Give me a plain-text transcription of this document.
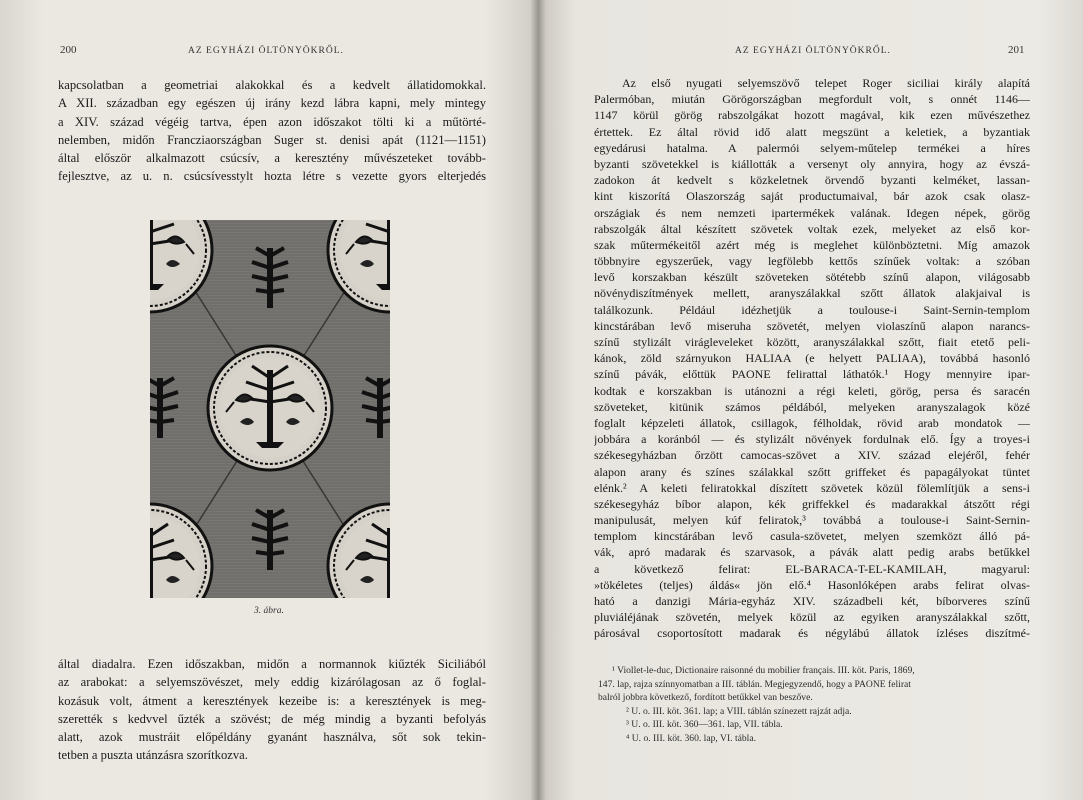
200	AZ EGYHÁZI ÖLTÖNYÖKRŐL.
kapcsolatban a geometriai alakokkal és a kedvelt állatidomokkal.
A XII. században egy egészen új irány kezd lábra kapni, mely mintegy
a XIV. század végéig tartva, épen azon időszakot tölti ki a műtörté-
nelemben, midőn Francziaországban Suger st. denisi apát (1121—1151)
által először alkalmazott csúcsív, a keresztény művészeteket tovább-
fejlesztve, az u. n. csúcsívesstylt hozta létre s vezette gyors elterjedés
3. ábra.
által diadalra. Ezen időszakban, midőn a normannok kiűzték Siciliából
az arabokat: a selyemszövészet, mely eddig kizárólagosan az ő foglal-
kozásuk volt, átment a keresztények kezeibe is: a keresztények is meg-
szerették s kedvvel űzték a szövést; de még mindig a byzanti befolyás
alatt, azok mustráit előpéldány gyanánt használva, sőt sok tekin-
tetben a puszta utánzásra szorítkozva.
AZ EGYHÁZI ÖLTÖNYÖKRŐL.	201
Az első nyugati selyemszövő telepet Roger siciliai király alapítá
Palermóban, miután Görögországban megfordult volt, s onnét 1146—
1147 körül görög rabszolgákat hozott magával, kik ezen művészethez
értettek. Ez által rövid idő alatt megszünt a keletiek, a byzantiak
egyedárusi hatalma. A palermói selyem-műtelep termékei a híres
byzanti szövetekkel is kiállották a versenyt oly annyira, hogy az évszá-
zadokon át kedvelt s közkeletnek örvendő byzanti kelméket, lassan-
kint kiszorítá Olaszország saját productumaival, bár azok csak olasz-
országiak és nem nemzeti ipartermékek valának. Idegen népek, görög
rabszolgák által készített szövetek voltak ezek, melyeket az első kor-
szak műtermékeitől azért még is meglehet különböztetni. Míg amazok
többnyire egyszerűek, vagy legfölebb kettős színűek voltak: a szóban
levő korszakban készült szöveteken sötétebb színű alapon, világosabb
növénydiszítmények mellett, aranyszálakkal szőtt állatok alakjaival is
találkozunk. Például idézhetjük a toulouse-i Saint-Sernin-templom
kincstárában levő miseruha szövetét, melyen violaszínű alapon narancs-
színű stylizált virágleveleket között, aranyszálakkal szőtt, fiait etető peli-
kánok, zöld szárnyukon HALIAA (e helyett PALIAA), továbbá hasonló
színű pávák, előttük PAONE felirattal láthatók.¹ Hogy mennyire ipar-
kodtak e korszakban is utánozni a régi keleti, görög, persa és saracén
szöveteket, kitünik számos példából, melyeken aranyszalagok közé
foglalt képzeleti állatok, csillagok, félholdak, rövid arab mondatok —
jobbára a koránból — és stylizált növények fordulnak elő. Így a troyes-i
székesegyházban őrzött camocas-szövet a XIV. század elejéről, fehér
alapon arany és színes szálakkal szőtt griffeket és papagályokat tüntet
elénk.² A keleti feliratokkal díszített szövetek közül fölemlítjük a sens-i
székesegyház bíbor alapon, kék griffekkel és madarakkal átszőtt régi
manipulusát, melyen kúf feliratok,³ továbbá a toulouse-i Saint-Sernin-
templom kincstárában levő casula-szövetet, melyen szemközt álló pá-
vák, apró madarak és szarvasok, a pávák alatt pedig arabs betűkkel
a következő felirat: EL-BARACA-T-EL-KAMILAH, magyarul:
»tökéletes (teljes) áldás« jön elő.⁴ Hasonlóképen arabs felirat olvas-
ható a danzigi Mária-egyház XIV. századbeli két, bíborveres színű
pluviáléjának szövetén, melyek közül az egyiken aranyszálakkal szőtt,
párosával csoportosított madarak és négylábú állatok ízléses diszítmé-
¹ Viollet-le-duc, Dictionaire raisonné du mobilier français. III. köt. Paris, 1869,
147. lap, rajza színnyomatban a III. táblán. Megjegyzendő, hogy a PAONE felirat
balról jobbra következő, fordított betűkkel van beszőve.
² U. o. III. köt. 361. lap; a VIII. táblán színezett rajzát adja.
³ U. o. III. köt. 360—361. lap, VII. tábla.
⁴ U. o. III. köt. 360. lap, VI. tábla.
